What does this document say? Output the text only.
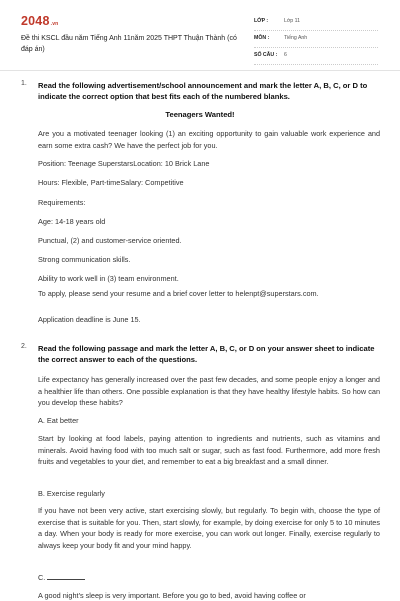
2048.vn
Đề thi KSCL đầu năm Tiếng Anh 11năm 2025 THPT Thuận Thành (có đáp án)
LỚP :	Lớp 11
MÔN :	Tiếng Anh
SỐ CÂU : 6
1. Read the following advertisement/school announcement and mark the letter A, B, C, or D to indicate the correct option that best fits each of the numbered blanks.
Teenagers Wanted!
Are you a motivated teenager looking (1) an exciting opportunity to gain valuable work experience and earn some extra cash? We have the perfect job for you.
Position: Teenage SuperstarsLocation: 10 Brick Lane
Hours: Flexible, Part-timeSalary: Competitive
Requirements:
Age: 14-18 years old
Punctual, (2) and customer-service oriented.
Strong communication skills.
Ability to work well in (3) team environment.
To apply, please send your resume and a brief cover letter to helenpt@superstars.com.
Application deadline is June 15.
2. Read the following passage and mark the letter A, B, C, or D on your answer sheet to indicate the correct answer to each of the questions.
Life expectancy has generally increased over the past few decades, and some people enjoy a longer and a healthier life than others. One possible explanation is that they have healthy lifestyle habits. So how can you develop these habits?
A. Eat better
Start by looking at food labels, paying attention to ingredients and nutrients, such as vitamins and minerals. Avoid having food with too much salt or sugar, such as fast food. Furthermore, add more fresh fruits and vegetables to your diet, and remember to eat a big breakfast and a small dinner.
B. Exercise regularly
If you have not been very active, start exercising slowly, but regularly. To begin with, choose the type of exercise that is suitable for you. Then, start slowly, for example, by doing exercise for only 5 to 10 minutes a day. When your body is ready for more exercise, you can work out longer. Finally, exercise regularly to always keep your body fit and your mind happy.
C.
A good night's sleep is very important. Before you go to bed, avoid having coffee or
